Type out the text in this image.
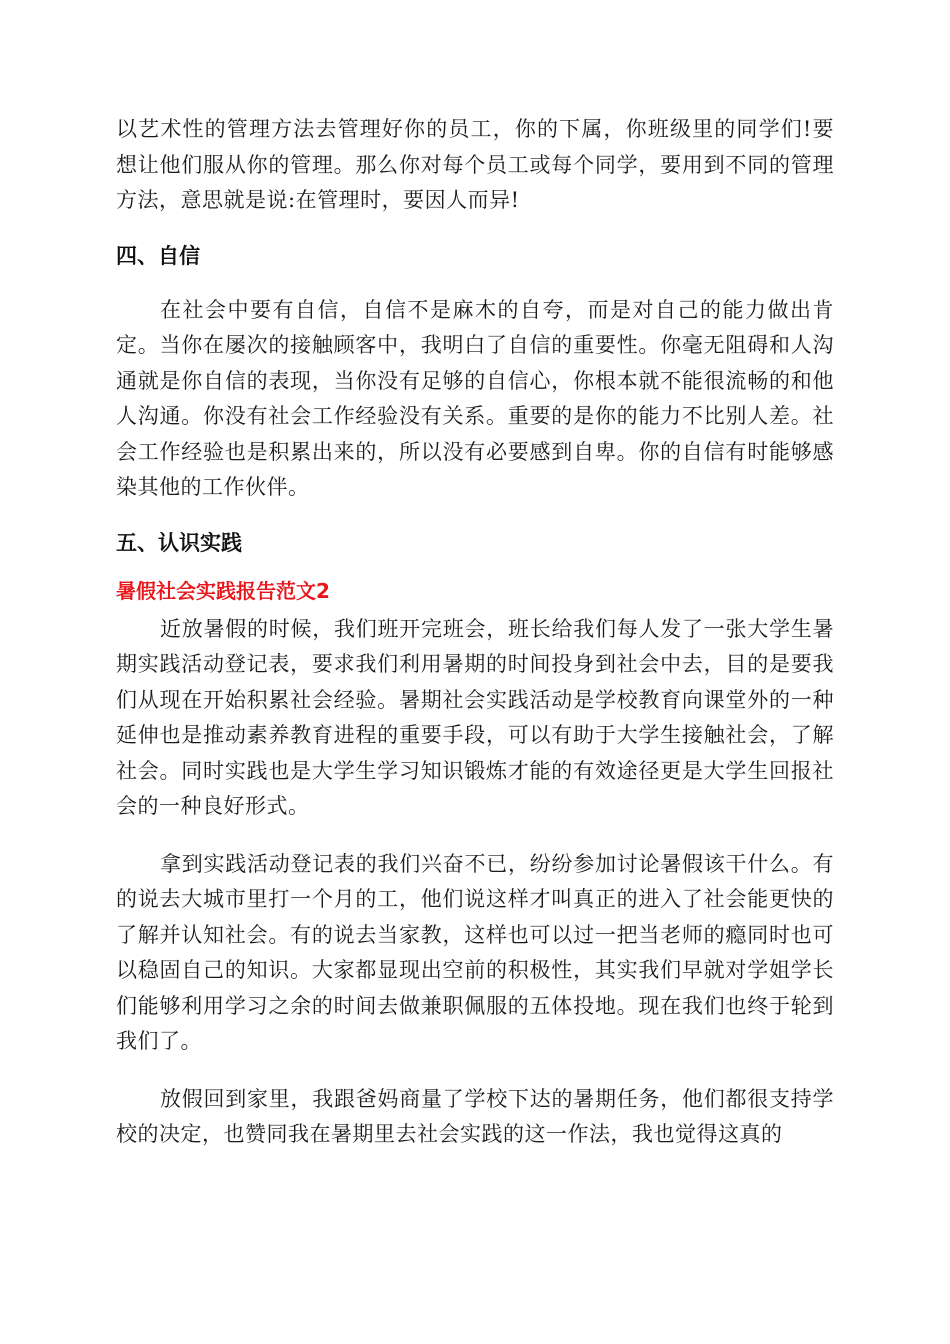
以艺术性的管理方法去管理好你的员工，你的下属，你班级里的同学们!要想让他们服从你的管理。那么你对每个员工或每个同学，要用到不同的管理方法，意思就是说:在管理时，要因人而异!

四、自信

在社会中要有自信，自信不是麻木的自夸，而是对自己的能力做出肯定。当你在屡次的接触顾客中，我明白了自信的重要性。你毫无阻碍和人沟通就是你自信的表现，当你没有足够的自信心，你根本就不能很流畅的和他人沟通。你没有社会工作经验没有关系。重要的是你的能力不比别人差。社会工作经验也是积累出来的，所以没有必要感到自卑。你的自信有时能够感染其他的工作伙伴。

五、认识实践

暑假社会实践报告范文2

近放暑假的时候，我们班开完班会，班长给我们每人发了一张大学生暑期实践活动登记表，要求我们利用暑期的时间投身到社会中去，目的是要我们从现在开始积累社会经验。暑期社会实践活动是学校教育向课堂外的一种延伸也是推动素养教育进程的重要手段，可以有助于大学生接触社会，了解社会。同时实践也是大学生学习知识锻炼才能的有效途径更是大学生回报社会的一种良好形式。

拿到实践活动登记表的我们兴奋不已，纷纷参加讨论暑假该干什么。有的说去大城市里打一个月的工，他们说这样才叫真正的进入了社会能更快的了解并认知社会。有的说去当家教，这样也可以过一把当老师的瘾同时也可以稳固自己的知识。大家都显现出空前的积极性，其实我们早就对学姐学长们能够利用学习之余的时间去做兼职佩服的五体投地。现在我们也终于轮到我们了。

放假回到家里，我跟爸妈商量了学校下达的暑期任务，他们都很支持学校的决定，也赞同我在暑期里去社会实践的这一作法，我也觉得这真的
